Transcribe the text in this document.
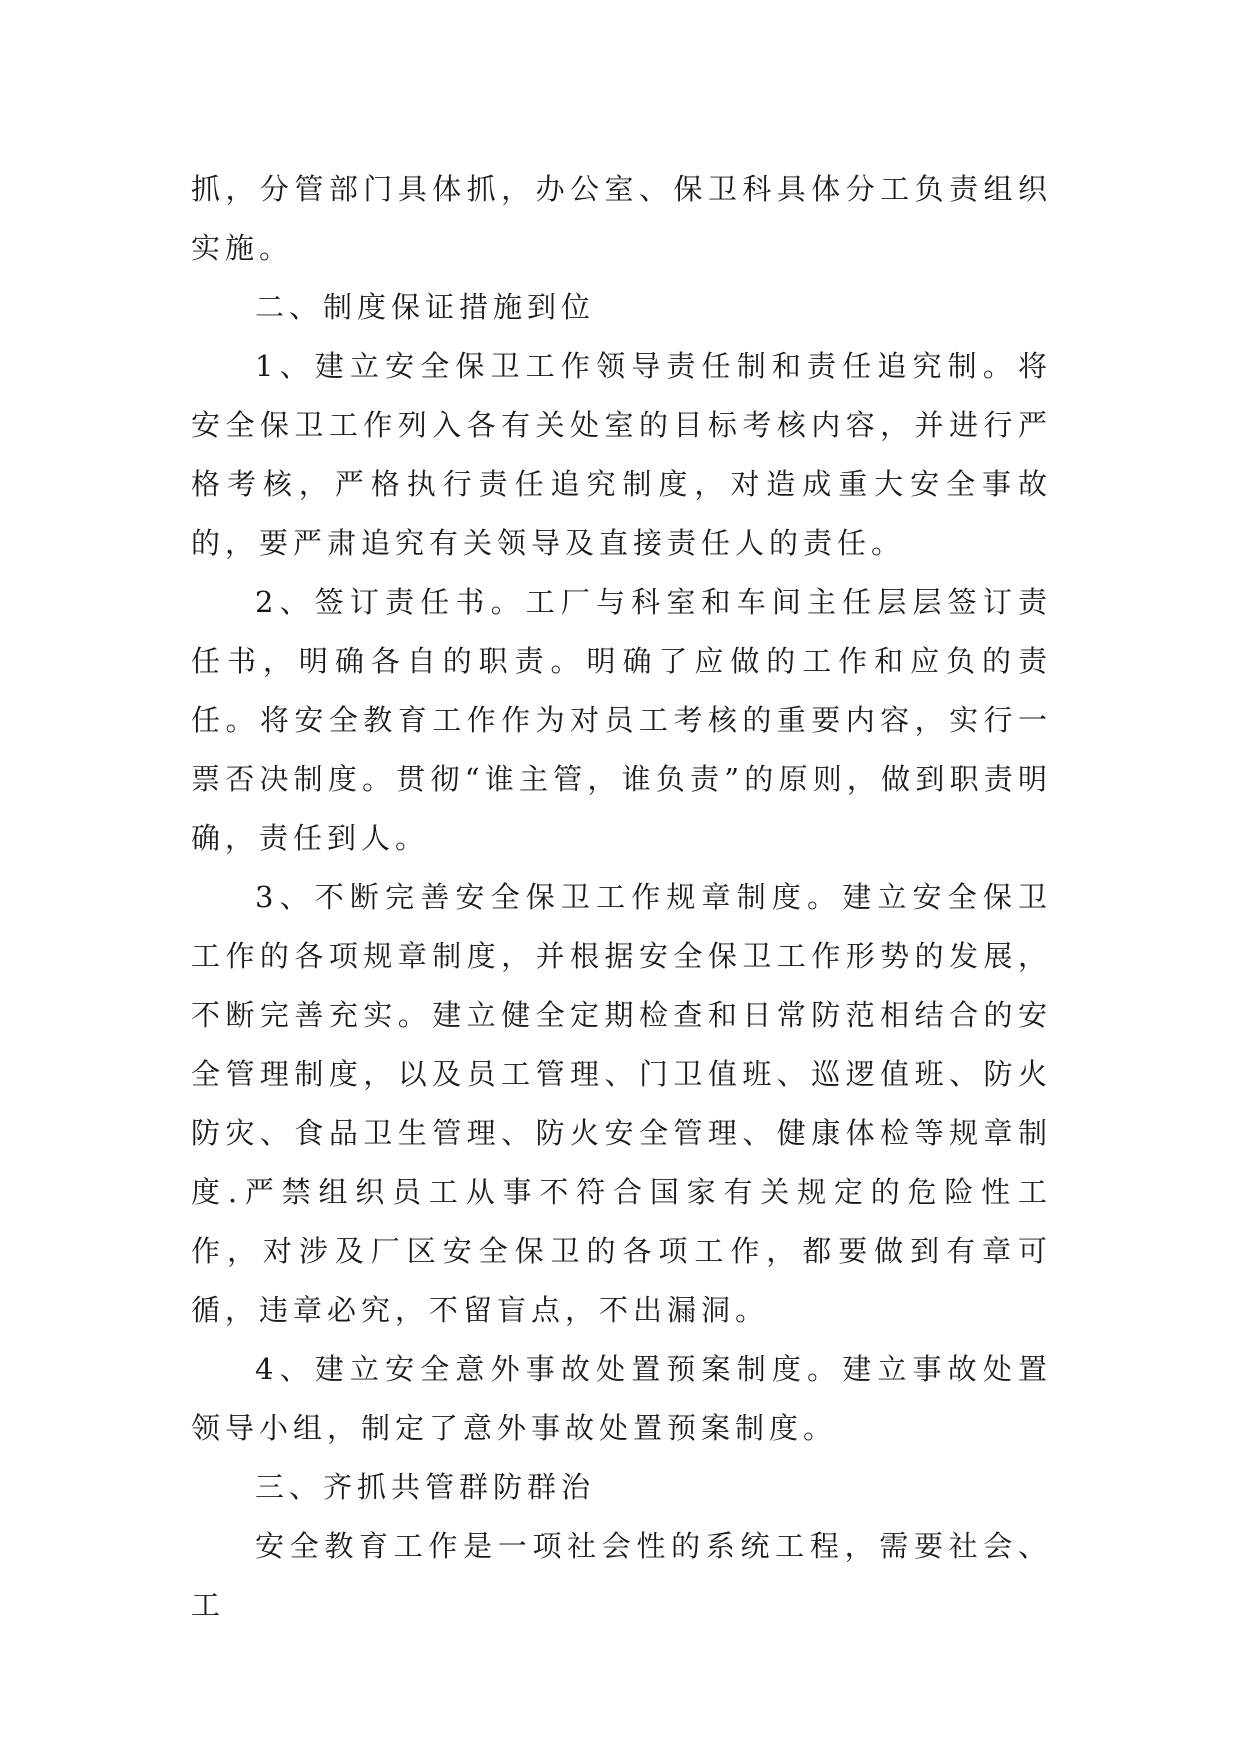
抓，分管部门具体抓，办公室、保卫科具体分工负责组织实施。

二、制度保证措施到位

1、建立安全保卫工作领导责任制和责任追究制。将安全保卫工作列入各有关处室的目标考核内容，并进行严格考核，严格执行责任追究制度，对造成重大安全事故的，要严肃追究有关领导及直接责任人的责任。

2、签订责任书。工厂与科室和车间主任层层签订责任书，明确各自的职责。明确了应做的工作和应负的责任。将安全教育工作作为对员工考核的重要内容，实行一票否决制度。贯彻“谁主管，谁负责”的原则，做到职责明确，责任到人。

3、不断完善安全保卫工作规章制度。建立安全保卫工作的各项规章制度，并根据安全保卫工作形势的发展，不断完善充实。建立健全定期检查和日常防范相结合的安全管理制度，以及员工管理、门卫值班、巡逻值班、防火防灾、食品卫生管理、防火安全管理、健康体检等规章制度.严禁组织员工从事不符合国家有关规定的危险性工作，对涉及厂区安全保卫的各项工作，都要做到有章可循，违章必究，不留盲点，不出漏洞。

4、建立安全意外事故处置预案制度。建立事故处置领导小组，制定了意外事故处置预案制度。

三、齐抓共管群防群治

安全教育工作是一项社会性的系统工程，需要社会、工
